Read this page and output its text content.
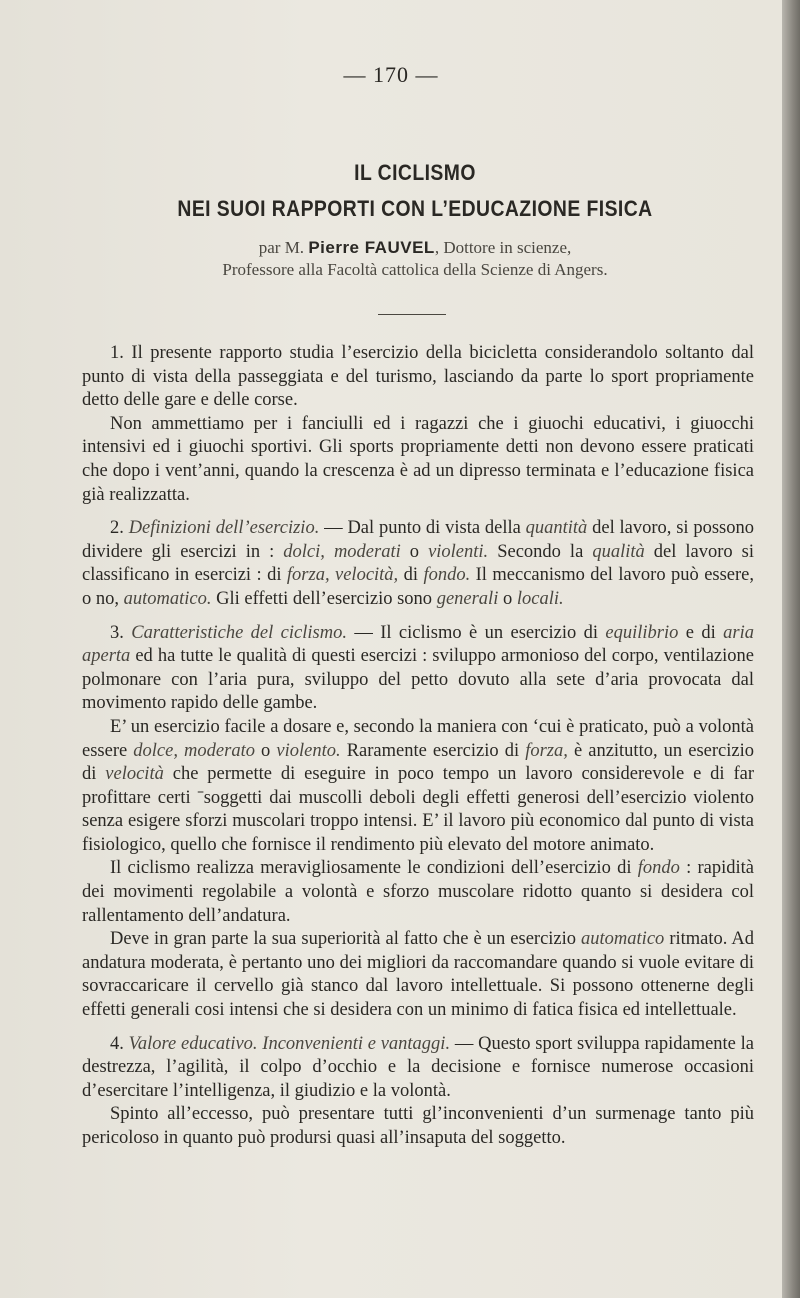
— 170 —
IL CICLISMO
NEI SUOI RAPPORTI CON L’EDUCAZIONE FISICA
par M. Pierre FAUVEL, Dottore in scienze,
Professore alla Facoltà cattolica della Scienze di Angers.

1. Il presente rapporto studia l’esercizio della bicicletta considerandolo soltanto dal punto di vista della passeggiata e del turismo, lasciando da parte lo sport propriamente detto delle gare e delle corse.

Non ammettiamo per i fanciulli ed i ragazzi che i giuochi educativi, i giuocchi intensivi ed i giuochi sportivi. Gli sports propriamente detti non devono essere praticati che dopo i vent’anni, quando la crescenza è ad un dipresso terminata e l’educazione fisica già realizzatta.

2. Definizioni dell’esercizio. — Dal punto di vista della quantità del lavoro, si possono dividere gli esercizi in : dolci, moderati o violenti. Secondo la qualità del lavoro si classificano in esercizi : di forza, velocità, di fondo. Il meccanismo del lavoro può essere, o no, automatico. Gli effetti dell’esercizio sono generali o locali.

3. Caratteristiche del ciclismo. — Il ciclismo è un esercizio di equilibrio e di aria aperta ed ha tutte le qualità di questi esercizi : sviluppo armonioso del corpo, ventilazione polmonare con l’aria pura, sviluppo del petto dovuto alla sete d’aria provocata dal movimento rapido delle gambe.

E’ un esercizio facile a dosare e, secondo la maniera con ‘cui è praticato, può a volontà essere dolce, moderato o violento. Raramente esercizio di forza, è anzitutto, un esercizio di velocità che permette di eseguire in poco tempo un lavoro considerevole e di far profittare certi ˉsoggetti dai muscolli deboli degli effetti generosi dell’esercizio violento senza esigere sforzi muscolari troppo intensi. E’ il lavoro più economico dal punto di vista fisiologico, quello che fornisce il rendimento più elevato del motore animato.

Il ciclismo realizza meravigliosamente le condizioni dell’esercizio di fondo : rapidità dei movimenti regolabile a volontà e sforzo muscolare ridotto quanto si desidera col rallentamento dell’andatura.

Deve in gran parte la sua superiorità al fatto che è un esercizio automatico ritmato. Ad andatura moderata, è pertanto uno dei migliori da raccomandare quando si vuole evitare di sovraccaricare il cervello già stanco dal lavoro intellettuale. Si possono ottenerne degli effetti generali cosi intensi che si desidera con un minimo di fatica fisica ed intellettuale.

4. Valore educativo. Inconvenienti e vantaggi. — Questo sport sviluppa rapidamente la destrezza, l’agilità, il colpo d’occhio e la decisione e fornisce numerose occasioni d’esercitare l’intelligenza, il giudizio e la volontà.

Spinto all’eccesso, può presentare tutti gl’inconvenienti d’un surmenage tanto più pericoloso in quanto può prodursi quasi all’insaputa del soggetto.
